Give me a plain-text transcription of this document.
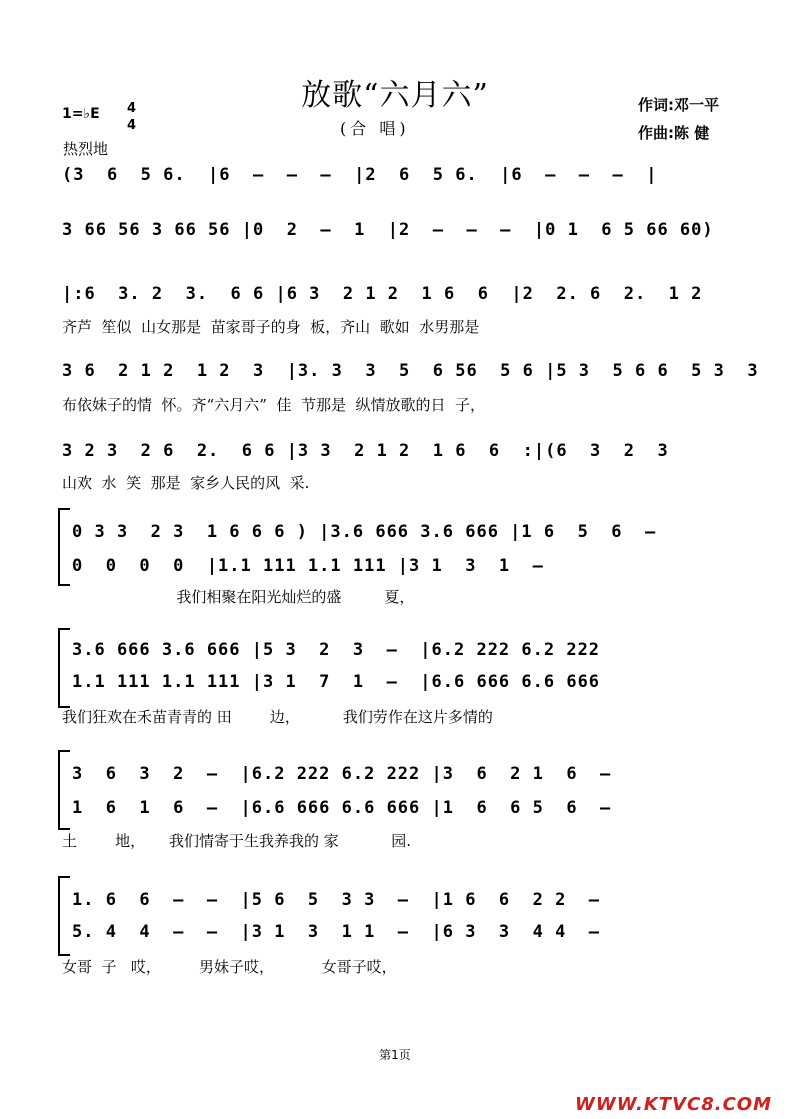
放歌“六月六”
(合 唱)
作词:邓一平
作曲:陈 健
1=♭E 4
4
热烈地
(3  6  5 6.  |6  –  –  –  |2  6  5 6.  |6  –  –  –  |
3 66 56 3 66 56 |0  2  –  1  |2  –  –  –  |0 1  6 5 66 60)
|:6  3. 2  3.  6 6 |6 3  2 1 2  1 6  6  |2  2. 6  2.  1 2
齐芦  笙似  山女那是  苗家哥子的身  板，齐山  歌如  水男那是
3 6  2 1 2  1 2  3  |3. 3  3  5  6 56  5 6 |5 3  5 6 6  5 3  3
布依妹子的情  怀。齐“六月六”  佳  节那是  纵情放歌的日  子，
3 2 3  2 6  2.  6 6 |3 3  2 1 2  1 6  6  :|(6  3  2  3
山欢  水  笑  那是  家乡人民的风  采.
0 3 3  2 3  1 6 6 6 ) |3.6 666 3.6 666 |1 6  5  6  –
0  0  0  0  |1.1 111 1.1 111 |3 1  3  1  –
我们相聚在阳光灿烂的盛         夏，
3.6 666 3.6 666 |5 3  2  3  –  |6.2 222 6.2 222
1.1 111 1.1 111 |3 1  7  1  –  |6.6 666 6.6 666
我们狂欢在禾苗青青的 田        边，         我们劳作在这片多情的
3  6  3  2  –  |6.2 222 6.2 222 |3  6  2 1  6  –
1  6  1  6  –  |6.6 666 6.6 666 |1  6  6 5  6  –
土        地，     我们情寄于生我养我的 家           园.
1. 6  6  –  –  |5 6  5  3 3  –  |1 6  6  2 2  –
5. 4  4  –  –  |3 1  3  1 1  –  |6 3  3  4 4  –
女哥  子   哎，        男妹子哎，          女哥子哎，
第1页
WWW.KTVC8.COM
